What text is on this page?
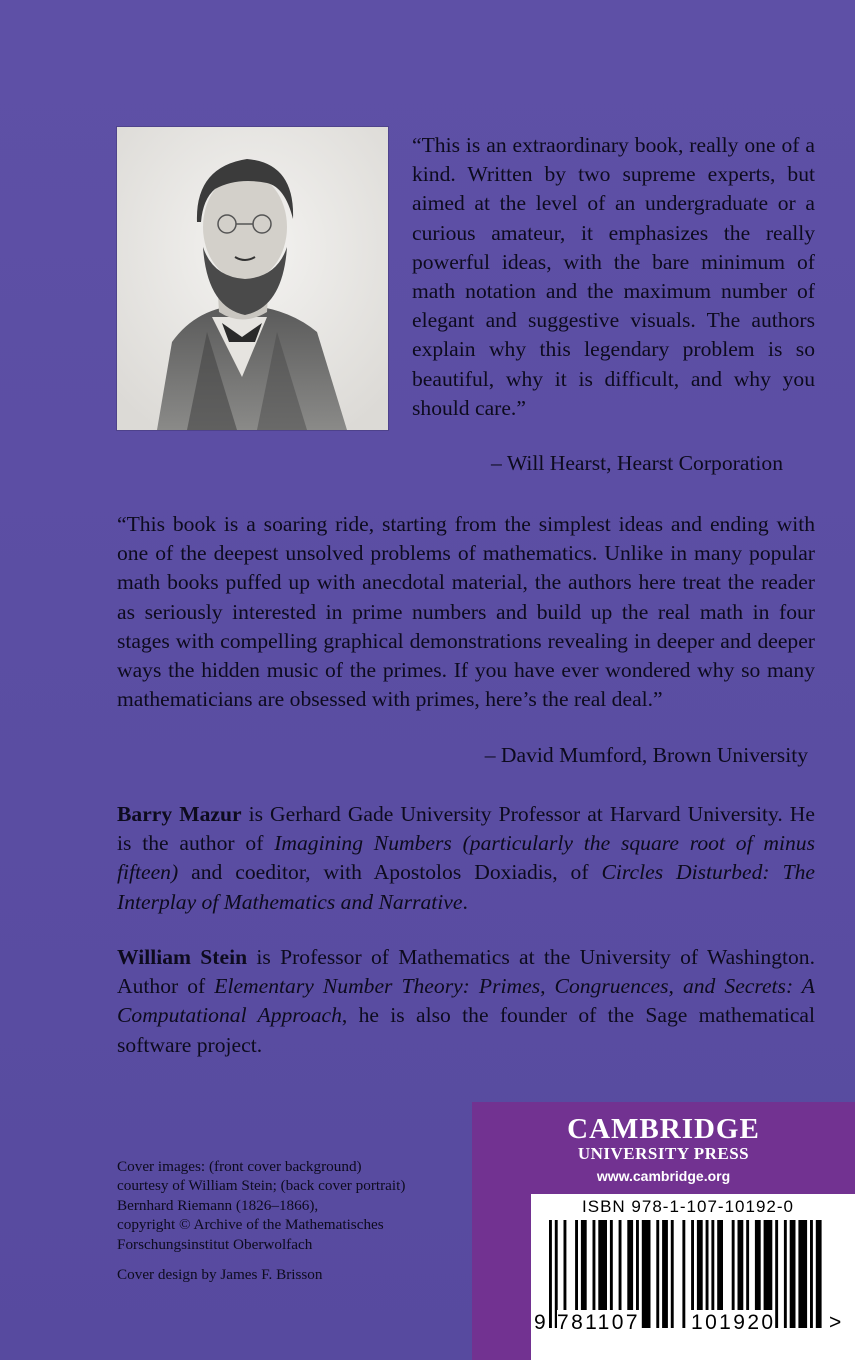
“This is an extraordinary book, really one of a kind. Written by two supreme experts, but aimed at the level of an undergraduate or a curious amateur, it emphasizes the really powerful ideas, with the bare minimum of math notation and the maximum number of elegant and suggestive visuals. The authors explain why this legendary problem is so beautiful, why it is difficult, and why you should care.”
– Will Hearst, Hearst Corporation
“This book is a soaring ride, starting from the simplest ideas and ending with one of the deepest unsolved problems of mathematics. Unlike in many popular math books puffed up with anecdotal material, the authors here treat the reader as seriously interested in prime numbers and build up the real math in four stages with compelling graphical demonstrations revealing in deeper and deeper ways the hidden music of the primes. If you have ever wondered why so many mathematicians are obsessed with primes, here’s the real deal.”
– David Mumford, Brown University
Barry Mazur is Gerhard Gade University Professor at Harvard University. He is the author of Imagining Numbers (particularly the square root of minus fifteen) and coeditor, with Apostolos Doxiadis, of Circles Disturbed: The Interplay of Mathematics and Narrative.
William Stein is Professor of Mathematics at the University of Washington. Author of Elementary Number Theory: Primes, Congruences, and Secrets: A Computational Approach, he is also the founder of the Sage mathematical software project.
Cover images: (front cover background)
courtesy of William Stein; (back cover portrait)
Bernhard Riemann (1826–1866),
copyright © Archive of the Mathematisches
Forschungsinstitut Oberwolfach
Cover design by James F. Brisson
CAMBRIDGE
UNIVERSITY PRESS
www.cambridge.org
ISBN 978-1-107-10192-0
9 781107 101920	>
